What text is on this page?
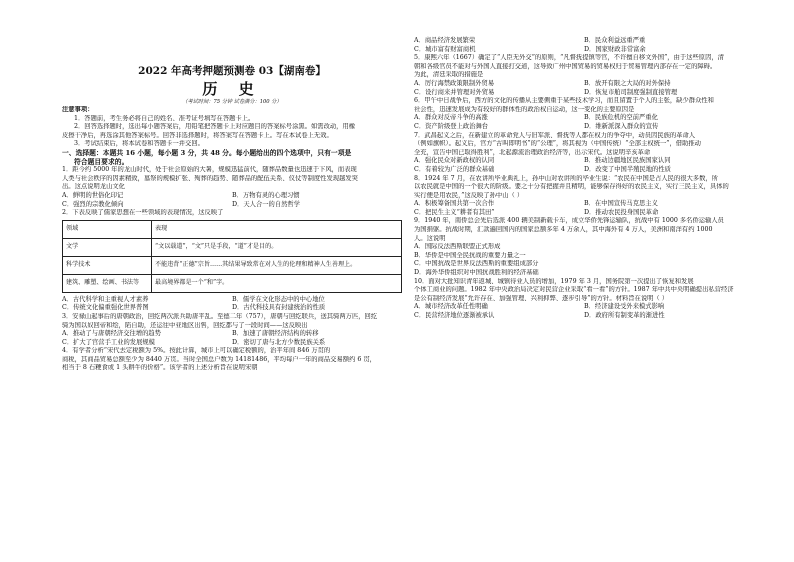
2022 年高考押题预测卷 03【湖南卷】
历 史
（考试时间：75 分钟 试卷满分：100 分）
注意事项：
1．答题前，考生务必将自己的姓名、准考证号填写在答题卡上。
2．回答选择题时，选出每小题答案后，用铅笔把答题卡上对应题目的答案标号涂黑。如需改动，用橡
皮擦干净后，再选涂其他答案标号。回答非选择题时，将答案写在答题卡上。写在本试卷上无效。
3．考试结束后，将本试卷和答题卡一并交回。
一、选择题：本题共 16 小题，每小题 3 分，共 48 分。每小题给出的四个选项中，只有一项是
符合题目要求的。
1．距今约 5000 年的龙山时代，处于社会原始的大暑，规模迅猛前代，随葬品数量也迅速于下风，而表现
人类与社会秩序的因素精致，墓祭的规模扩张、殉葬的趋势、随葬品的配伍关系、仪仗等制度性发现越发突
出。这点说明龙山文化
A．鲜明的世俗化印记	B．万物有灵的心理习惯
C．强烈的宗教化倾向	D．天人合一的自然哲学
2．下表反映了儒家思想在一些领域的表现情况，这反映了
领域	表现
文学	“文以载道”，“文”只是手段，“道”才是目的。
科学技术	不能违背“正德”宗旨……其结果导致常在对人生的伦理和精神人生善理上。
建筑、雕塑、绘画、书法等	最高境界都是一个“和”字。
A．古代科学和主重视人才素养	B．儒学在文化形态中的中心地位
C．传统文化偏重强化世界普图	D．古代科技具有封建统治的性质
3．安禄山起事后的唐朝政治，回纥两次派兵助唐平乱。至德二年（757），唐朝与回纥联兵，送其骑两万匹，回纥
骑为国以奴回帝和绘，陷自助，还运往中亚地区出售，回纥都与了一段时间——这反映出
A．推动了与唐朝经济交往增的趋势	B．加速了唐朝经济结构的转移
C．扩大了官营手工业的发展规模	D．密切了唐与北方少数民族关系
4．有学者分析“宋代去定税额为 5%。按此计算，城市上可以确定税额的，治平年间 846 万贯的
商税，其商品贸易总额至少为 8440 万贯。当时全国总户数为 14181486，平均每户一年的商品交易额约 6 贯，
相当于 8 石粳食或 1 头耕牛的价格”。该学者的上述分析旨在说明宋朝
A．商品经济发展繁荣	B．民众利益远重严重
C．城市富有财富商机	D．国家财政非常富余
5．康熙六年（1667）确定了“人臣无外交”的原则，“凡督抚提镇等官，不许擅自移文外国”，由于这些原因，清
朝和各级官员不能对与外国人直接打交道，这导致广州中国贸易的贸易权归于贸易管理内部存在一定的障碍。
为此，清廷采取的措施是
A．厉行海禁政策限制外贸易	B．放开有限之大局的对外保持
C．设行商来并管理对外贸易	D．恢复市舶司制度强制直接管理
6．甲午中日战争后，西方的文化的传播从主要侧重于某些技术学习，而且留置于个人的主张，缺少群众性和
社会性，迅速发展成为有较好的群体性的政治权自运动，这一变化的主要原因是
A．群众对反帝斗争的高涨	B．民族危机的空前严重化
C．资产阶级登上政治舞台	D．维新派深入群众的宣传
7．武昌起义之后，在新建立的革命党人与旧军派、督抚等人都在权力的争夺中，动员因民族的革命人
（例如旗帜）。起义后，官方“古叫即明书”的“公理”，将其视为（中国传统）“全部主权统一”，借助推动
全充，宣告中国已取得胜利”，北起源流治理政治经济等，出示宋代。这说明辛亥革命
A．强化民众对新政权的认同	B．推动边疆地区民族国家认同
C．有着较为广泛的群众基础	D．改变了中国半殖民地的性质
8．1924 年 7 月，在农讲所毕业典礼上，孙中山对农讲所的毕业生说：“农民在中国是占人民的很大多数，所
以农民就是中国的一个很大的阶级。要之十分有把握并且精明，能够保存得好的农民主义，实行三民主义，具体的
实行便是用农民，”这反映了孙中山（ ）
A．积极筹备国共第一次合作	B．在中国宣传马克思主义
C．把民生主义“耕者有其田”	D．推动农民投身国民革命
9．1940 年，南侨总会先后选派 400 辆美制新载卡车，成立华侨先锋运输队，抗战中有 1000 多名侨运输人员
为国捐躯。抗战时期，汇款遍回国内的国家总额多年 4 万余人，其中海外有 4 万人，美洲和南洋有约 1000
人。这说明
A．国际反法西斯联盟正式形成
B．华侨是中国全民抗战的重要力量之一
C．中国抗战是世界反法西斯的重要组成部分
D．海外华侨组织对中国抗战胜利的经济基础
10．面对大批知识青年返城、城镇待业人员的增加，1979 年 3 月，国务院第一次提出了恢复和发展
个体工商业的问题。1982 年中央政治局决定对民营企业采取“看一看”的方针。1987 年中共中央明确提出私营经济
是公有制经济发展“允许存在、加强管理、兴利抑弊、逐步引导”的方针。材料旨在说明（ ）
A．城市经济改革任性明确	B．经济建设受外来模式影响
C．民营经济地位逐渐被承认	D．政府所有制变革的渐进性
